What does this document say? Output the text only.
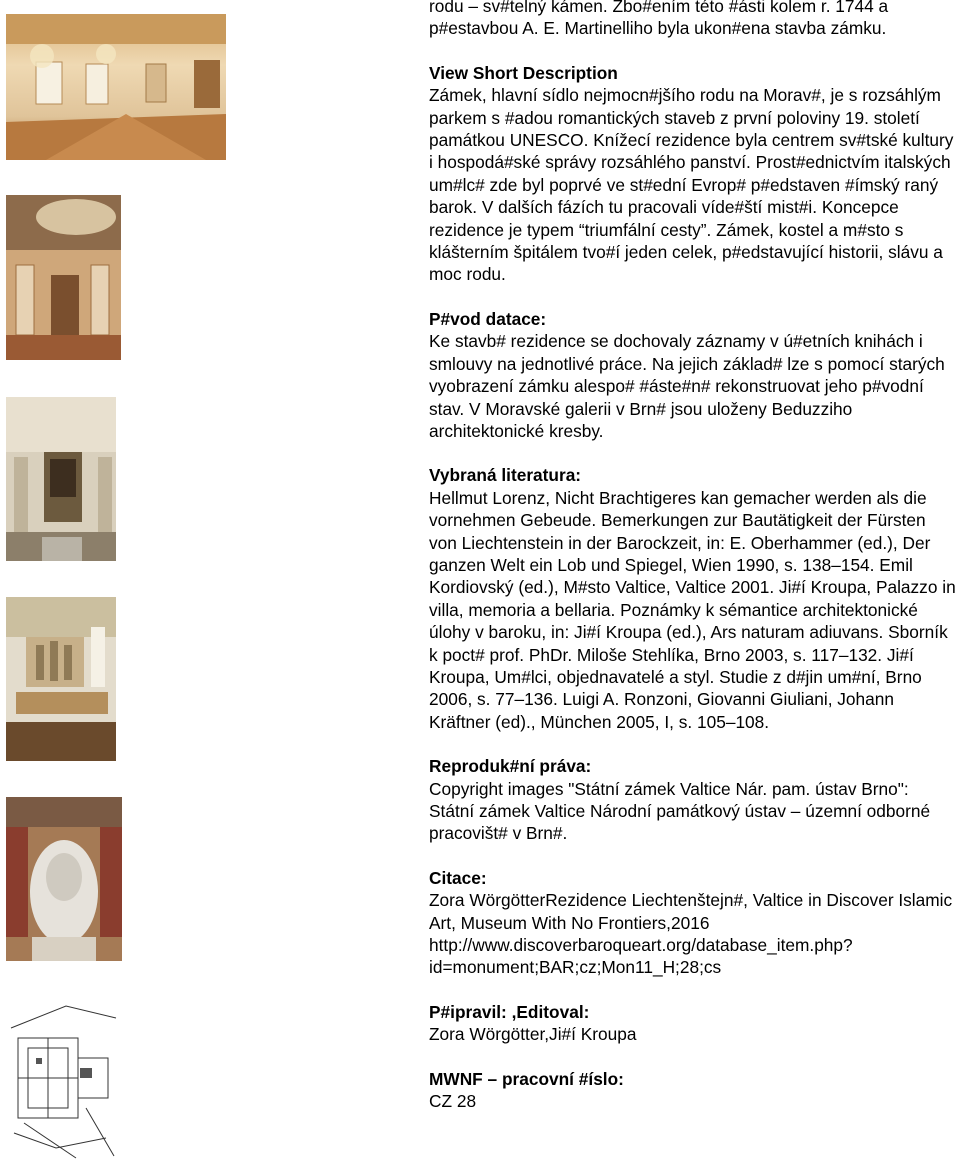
rodu – sv#telný kámen. Zbo#ením této #ásti kolem r. 1744 a p#estavbou A. E. Martinelliho byla ukon#ena stavba zámku.

View Short Description
Zámek, hlavní sídlo nejmocn#jšího rodu na Morav#, je s rozsáhlým parkem s #adou romantických staveb z první poloviny 19. století památkou UNESCO. Knížecí rezidence byla centrem sv#tské kultury i hospodá#ské správy rozsáhlého panství. Prost#ednictvím italských um#lc# zde byl poprvé ve st#ední Evrop# p#edstaven #ímský raný barok. V dalších fázích tu pracovali víde#ští mist#i. Koncepce rezidence je typem “triumfální cesty”. Zámek, kostel a m#sto s klášterním špitálem tvo#í jeden celek, p#edstavující historii, slávu a moc rodu.
P#vod datace:
Ke stavb# rezidence se dochovaly záznamy v ú#etních knihách i smlouvy na jednotlivé práce. Na jejich základ# lze s pomocí starých vyobrazení zámku alespo# #áste#n# rekonstruovat jeho p#vodní stav. V Moravské galerii v Brn# jsou uloženy Beduzziho architektonické kresby.
Vybraná literatura:
Hellmut Lorenz, Nicht Brachtigeres kan gemacher werden als die vornehmen Gebeude. Bemerkungen zur Bautätigkeit der Fürsten von Liechtenstein in der Barockzeit, in: E. Oberhammer (ed.), Der ganzen Welt ein Lob und Spiegel, Wien 1990, s. 138–154. Emil Kordiovský (ed.), M#sto Valtice, Valtice 2001. Ji#í Kroupa, Palazzo in villa, memoria a bellaria. Poznámky k sémantice architektonické úlohy v baroku, in: Ji#í Kroupa (ed.), Ars naturam adiuvans. Sborník k poct# prof. PhDr. Miloše Stehlíka, Brno 2003, s. 117–132. Ji#í Kroupa, Um#lci, objednavatelé a styl. Studie z d#jin um#ní, Brno 2006, s. 77–136. Luigi A. Ronzoni, Giovanni Giuliani, Johann Kräftner (ed)., München 2005, I, s. 105–108.
Reproduk#ní práva:
Copyright images "Státní zámek Valtice Nár. pam. ústav Brno": Státní zámek Valtice Národní památkový ústav – územní odborné pracovišt# v Brn#.
Citace:
Zora WörgötterRezidence Liechtenštejn#, Valtice in Discover Islamic Art, Museum With No Frontiers,2016
http://www.discoverbaroqueart.org/database_item.php?id=monument;BAR;cz;Mon11_H;28;cs
P#ipravil: ,Editoval:
Zora Wörgötter,Ji#í Kroupa
MWNF – pracovní #íslo:
CZ 28
